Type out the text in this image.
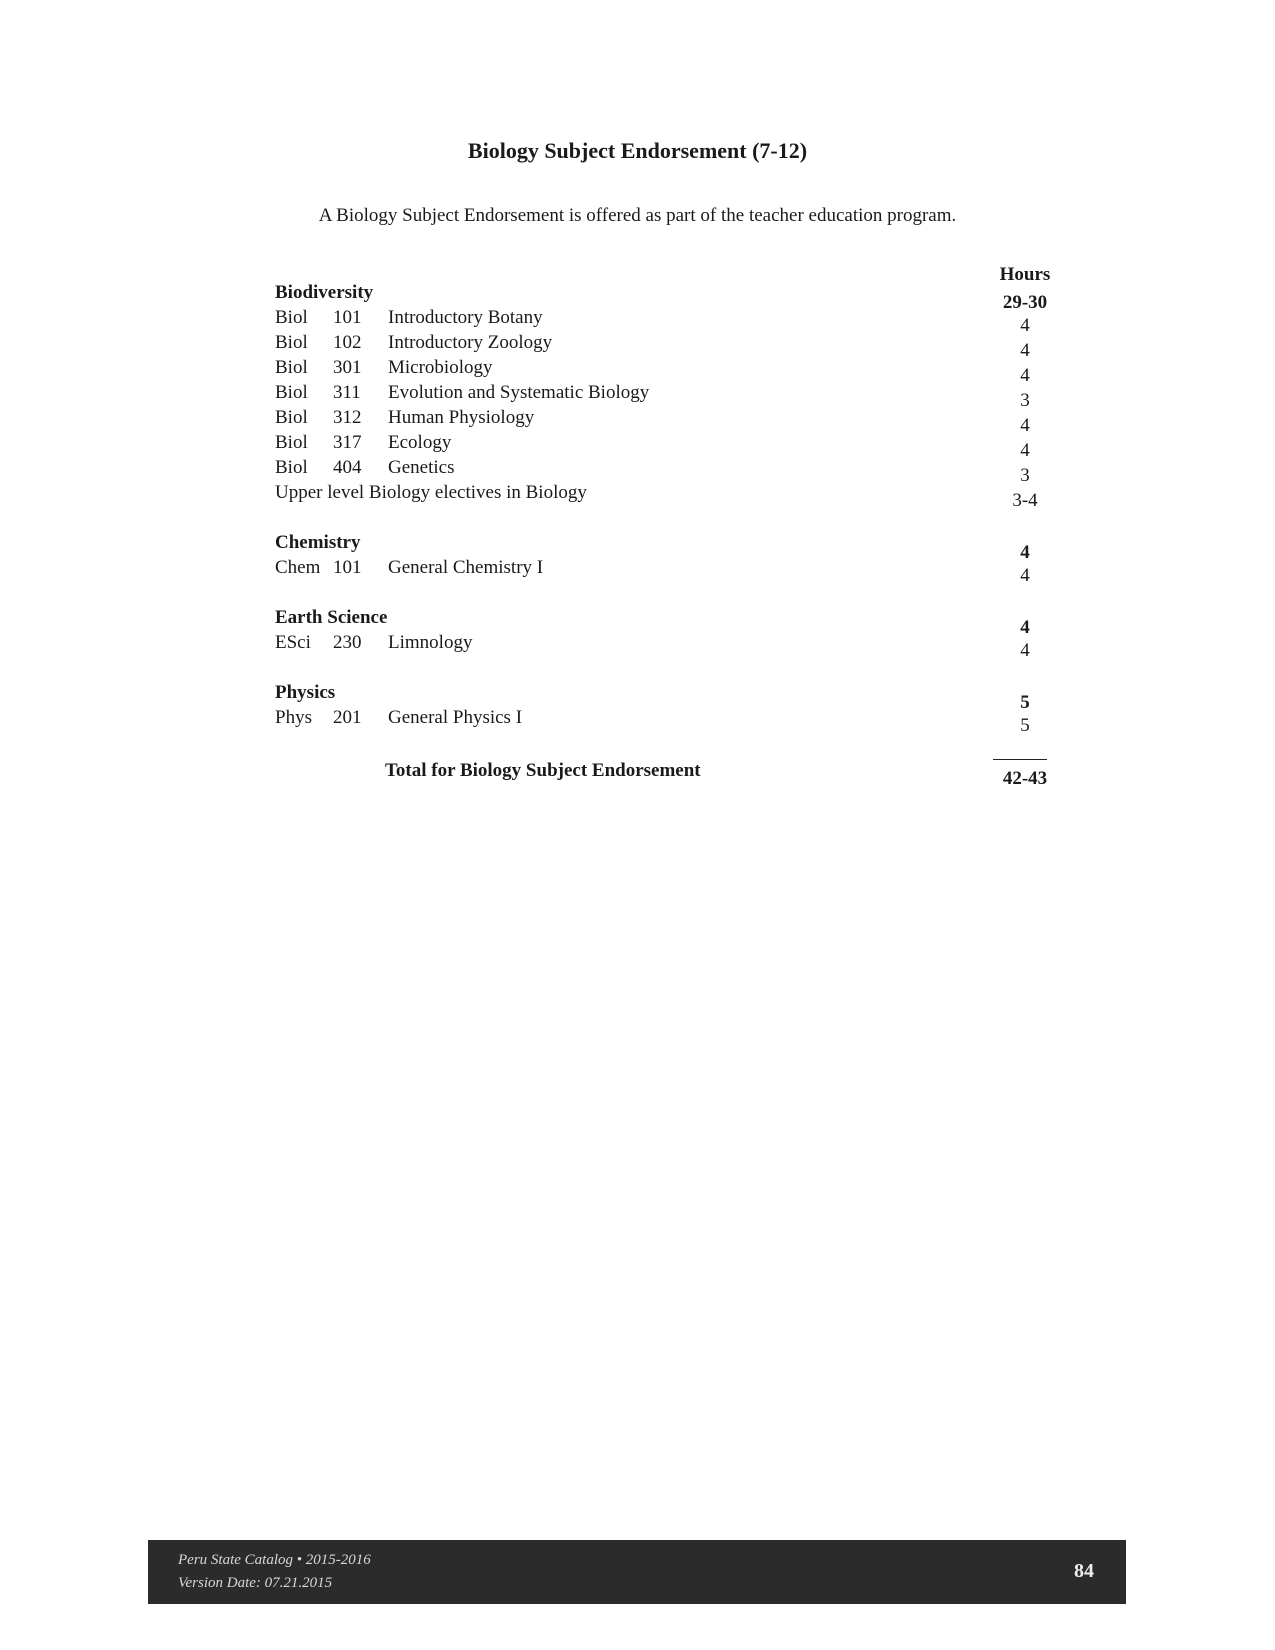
Biology Subject Endorsement (7-12)

A Biology Subject Endorsement is offered as part of the teacher education program.

Hours
Biodiversity	29-30
Biol 101 Introductory Botany	4
Biol 102 Introductory Zoology	4
Biol 301 Microbiology	4
Biol 311 Evolution and Systematic Biology	3
Biol 312 Human Physiology	4
Biol 317 Ecology	4
Biol 404 Genetics	3
Upper level Biology electives in Biology	3-4
Chemistry	4
Chem 101 General Chemistry I	4
Earth Science	4
ESci 230 Limnology	4
Physics	5
Phys 201 General Physics I	5
Total for Biology Subject Endorsement	42-43
Peru State Catalog • 2015-2016
Version Date: 07.21.2015
84
